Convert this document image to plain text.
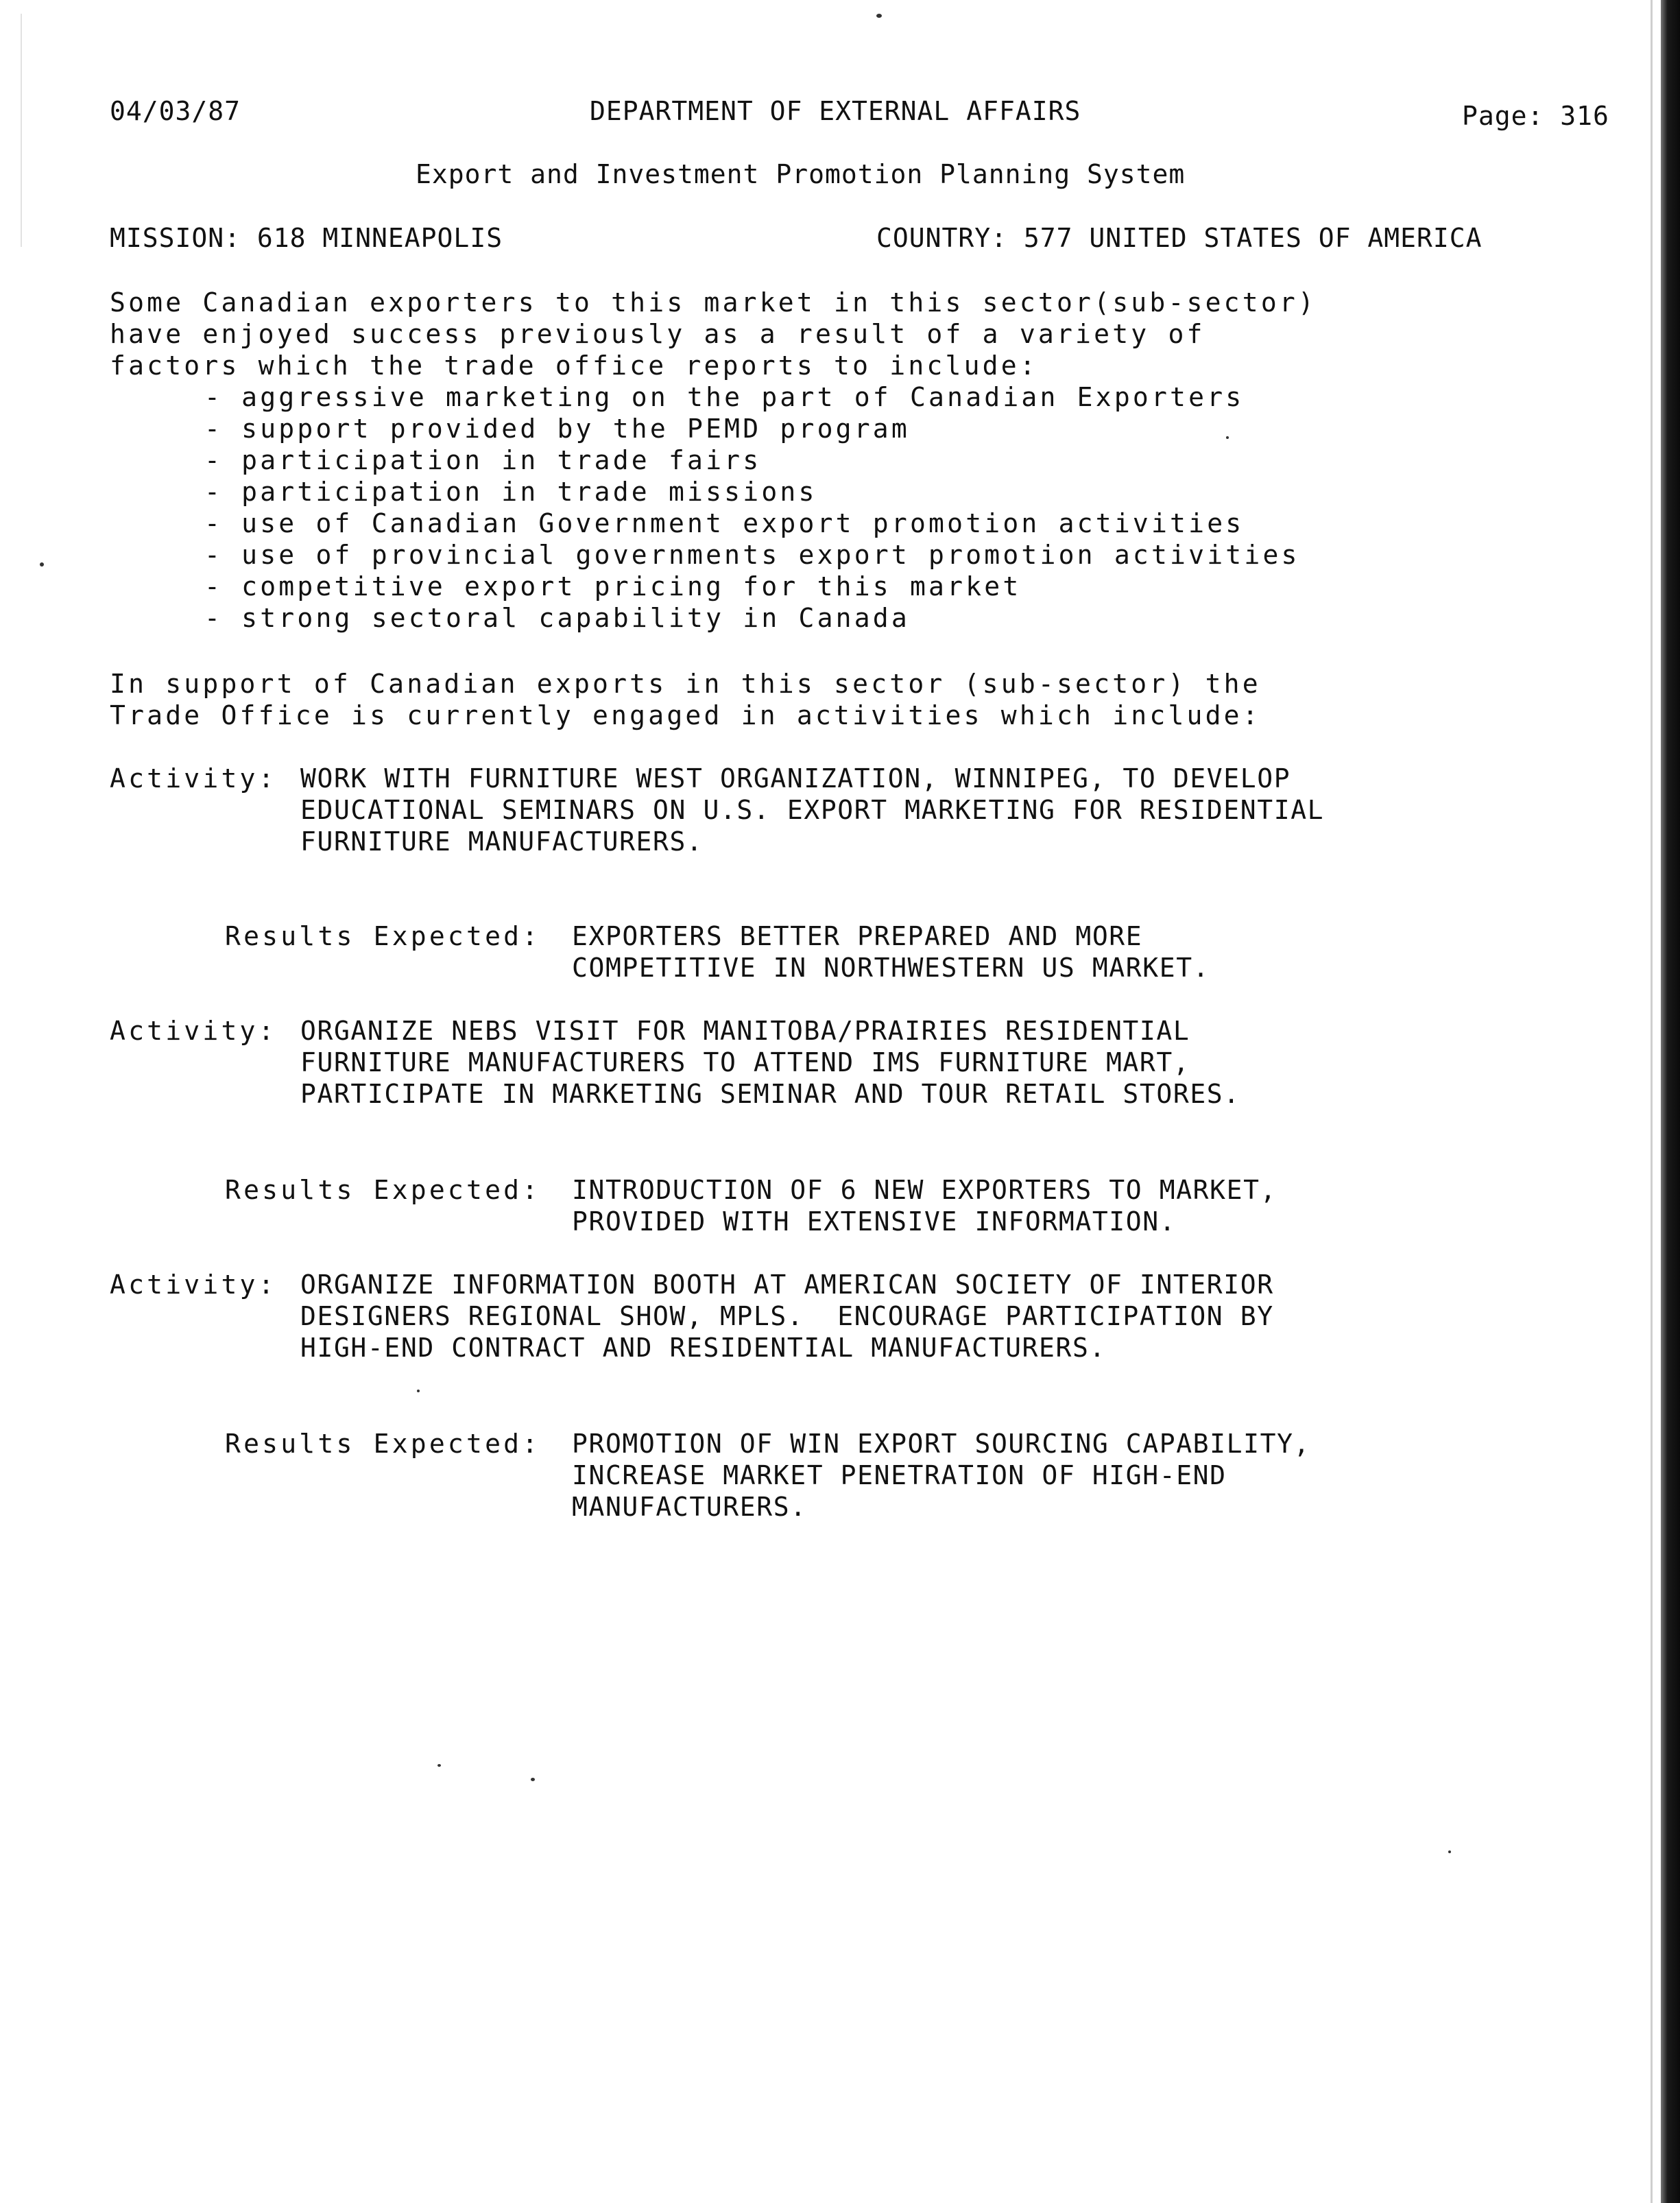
04/03/87	DEPARTMENT OF EXTERNAL AFFAIRS	Page: 316
Export and Investment Promotion Planning System
MISSION: 618 MINNEAPOLIS	COUNTRY: 577 UNITED STATES OF AMERICA
Some Canadian exporters to this market in this sector(sub-sector)
have enjoyed success previously as a result of a variety of
factors which the trade office reports to include:
- aggressive marketing on the part of Canadian Exporters
- support provided by the PEMD program
- participation in trade fairs
- participation in trade missions
- use of Canadian Government export promotion activities
- use of provincial governments export promotion activities
- competitive export pricing for this market
- strong sectoral capability in Canada
In support of Canadian exports in this sector (sub-sector) the
Trade Office is currently engaged in activities which include:
Activity: WORK WITH FURNITURE WEST ORGANIZATION, WINNIPEG, TO DEVELOP
EDUCATIONAL SEMINARS ON U.S. EXPORT MARKETING FOR RESIDENTIAL
FURNITURE MANUFACTURERS.
Results Expected: EXPORTERS BETTER PREPARED AND MORE
COMPETITIVE IN NORTHWESTERN US MARKET.
Activity: ORGANIZE NEBS VISIT FOR MANITOBA/PRAIRIES RESIDENTIAL
FURNITURE MANUFACTURERS TO ATTEND IMS FURNITURE MART,
PARTICIPATE IN MARKETING SEMINAR AND TOUR RETAIL STORES.
Results Expected: INTRODUCTION OF 6 NEW EXPORTERS TO MARKET,
PROVIDED WITH EXTENSIVE INFORMATION.
Activity: ORGANIZE INFORMATION BOOTH AT AMERICAN SOCIETY OF INTERIOR
DESIGNERS REGIONAL SHOW, MPLS.  ENCOURAGE PARTICIPATION BY
HIGH-END CONTRACT AND RESIDENTIAL MANUFACTURERS.
Results Expected: PROMOTION OF WIN EXPORT SOURCING CAPABILITY,
INCREASE MARKET PENETRATION OF HIGH-END
MANUFACTURERS.
